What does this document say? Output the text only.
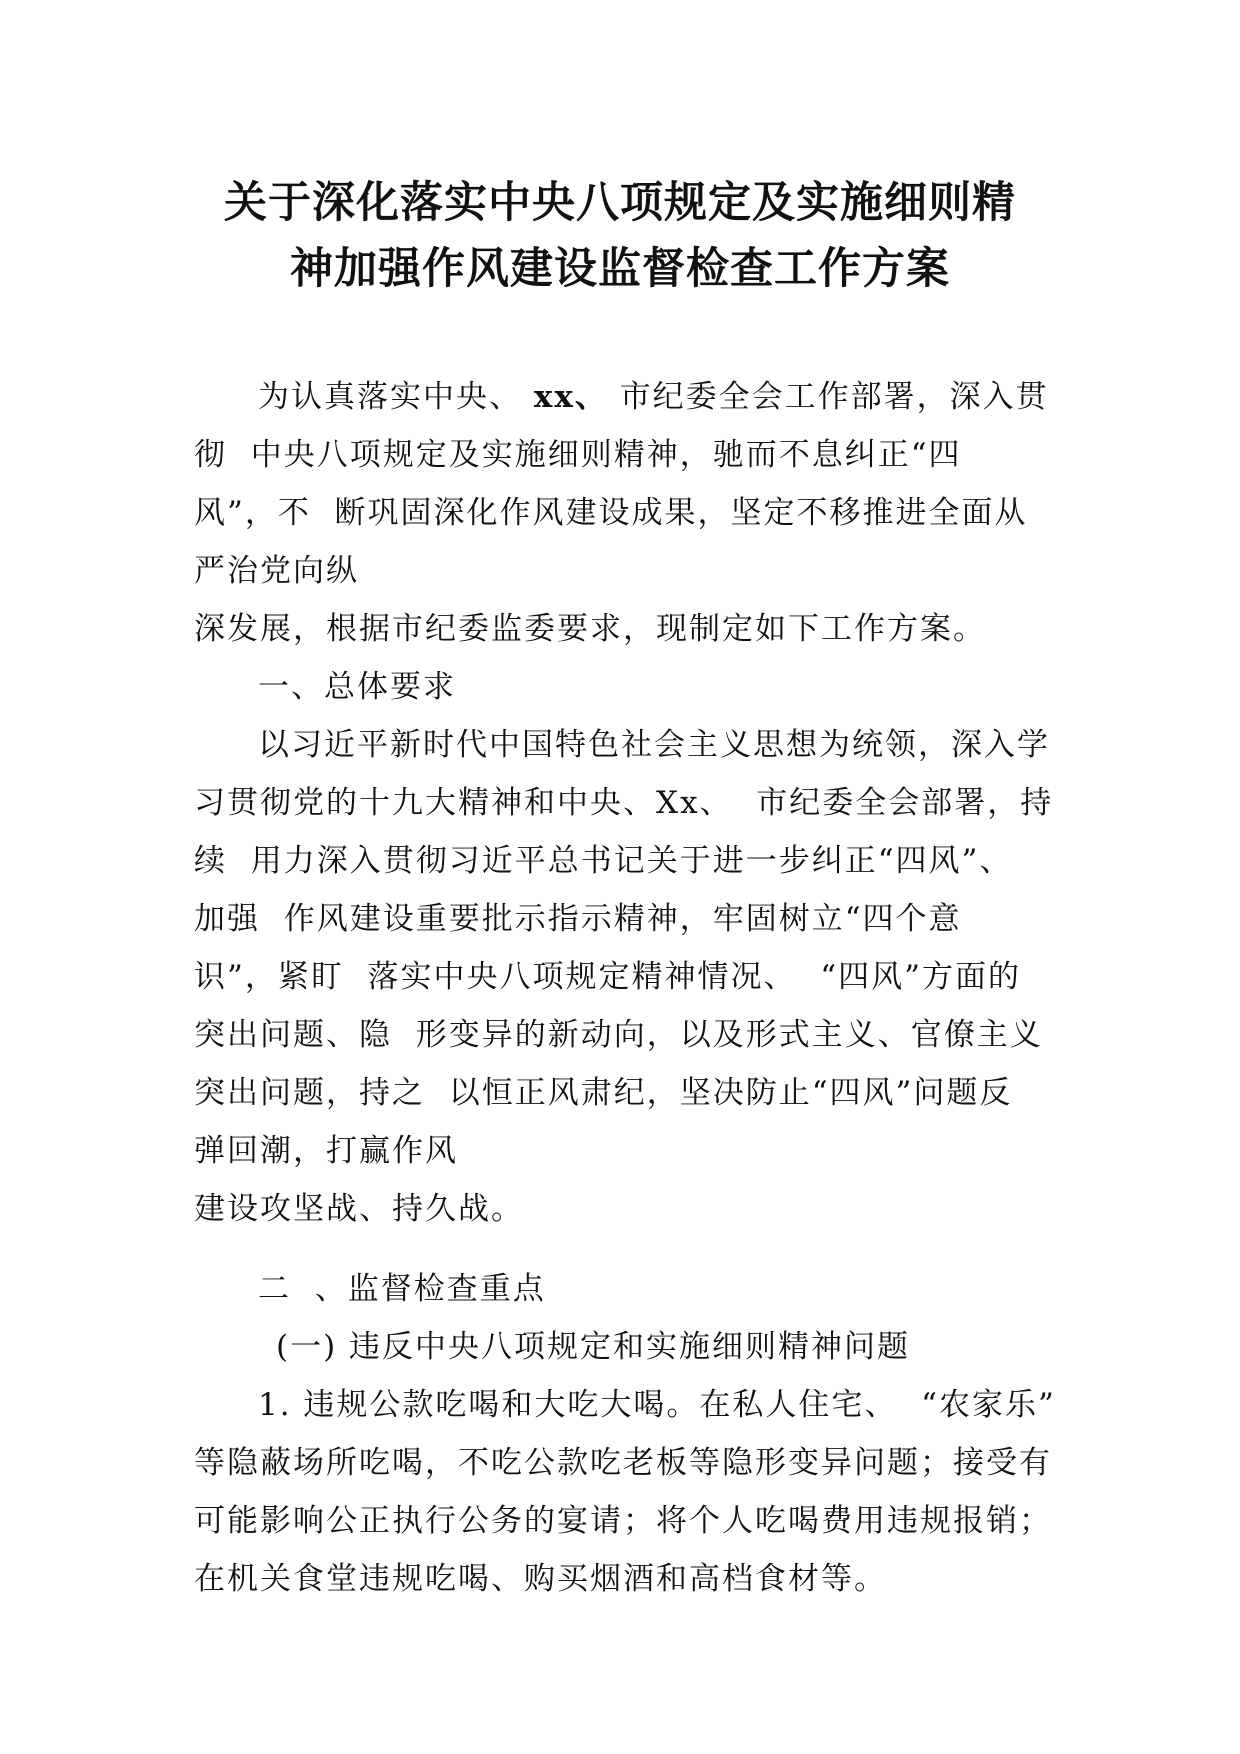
关于深化落实中央八项规定及实施细则精
神加强作风建设监督检查工作方案
为认真落实中央、 xx、 市纪委全会工作部署，深入贯
彻  中央八项规定及实施细则精神，驰而不息纠正“四
风”，不  断巩固深化作风建设成果，坚定不移推进全面从
严治党向纵
深发展，根据市纪委监委要求，现制定如下工作方案。
一、总体要求
以习近平新时代中国特色社会主义思想为统领，深入学
习贯彻党的十九大精神和中央、Xx、  市纪委全会部署，持
续  用力深入贯彻习近平总书记关于进一步纠正“四风”、
加强  作风建设重要批示指示精神，牢固树立“四个意
识”，紧盯  落实中央八项规定精神情况、  “四风”方面的
突出问题、隐  形变异的新动向，以及形式主义、官僚主义
突出问题，持之  以恒正风肃纪，坚决防止“四风”问题反
弹回潮，打赢作风
建设攻坚战、持久战。
二  、监督检查重点
(一) 违反中央八项规定和实施细则精神问题
1. 违规公款吃喝和大吃大喝。在私人住宅、  “农家乐”
等隐蔽场所吃喝，不吃公款吃老板等隐形变异问题；接受有
可能影响公正执行公务的宴请；将个人吃喝费用违规报销；
在机关食堂违规吃喝、购买烟酒和高档食材等。
